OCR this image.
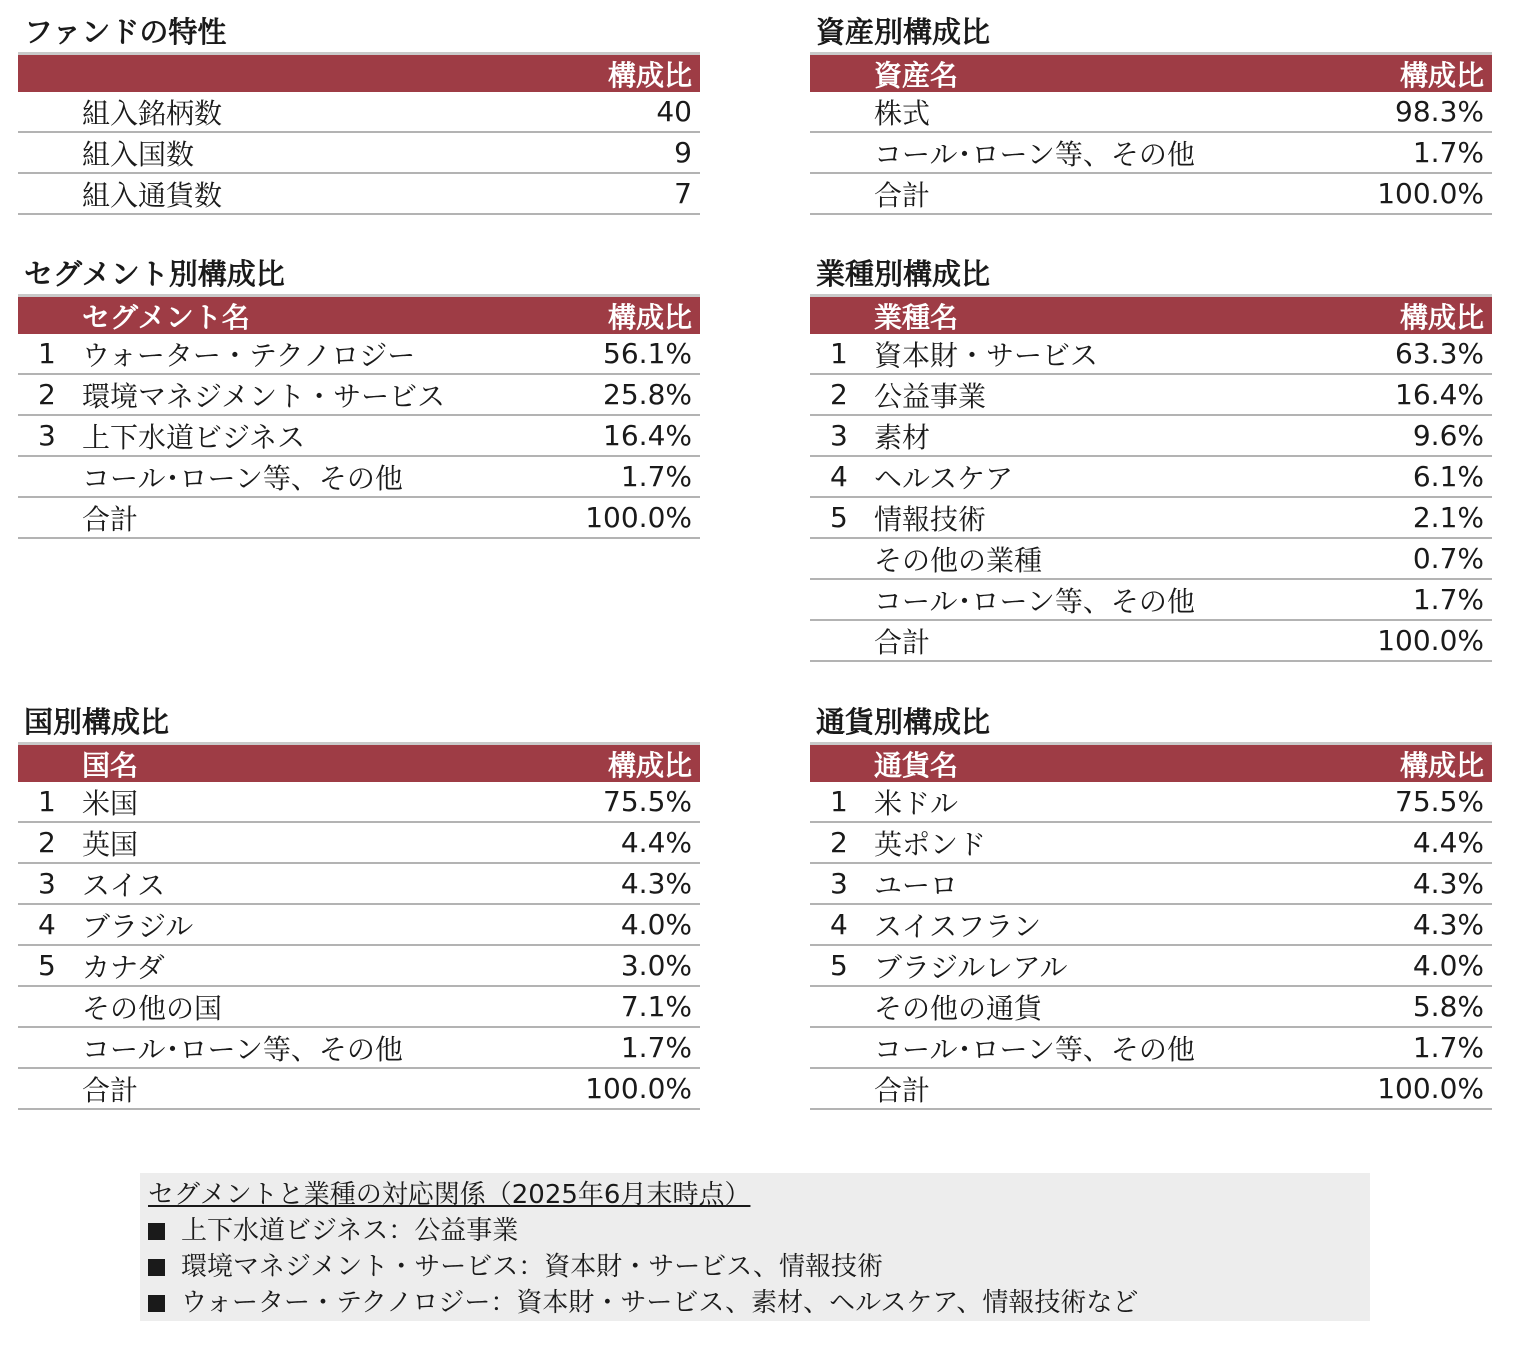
ファンドの特性
構成比
組入銘柄数	40
組入国数	9
組入通貨数	7
資産別構成比
資産名	構成比
株式	98.3%
コール･ローン等、その他	1.7%
合計	100.0%
セグメント別構成比
セグメント名	構成比
1 ウォーター・テクノロジー	56.1%
2 環境マネジメント・サービス	25.8%
3 上下水道ビジネス	16.4%
コール･ローン等、その他	1.7%
合計	100.0%
業種別構成比
業種名	構成比
1 資本財・サービス	63.3%
2 公益事業	16.4%
3 素材	9.6%
4 ヘルスケア	6.1%
5 情報技術	2.1%
その他の業種	0.7%
コール･ローン等、その他	1.7%
合計	100.0%
国別構成比
国名	構成比
1 米国	75.5%
2 英国	4.4%
3 スイス	4.3%
4 ブラジル	4.0%
5 カナダ	3.0%
その他の国	7.1%
コール･ローン等、その他	1.7%
合計	100.0%
通貨別構成比
通貨名	構成比
1 米ドル	75.5%
2 英ポンド	4.4%
3 ユーロ	4.3%
4 スイスフラン	4.3%
5 ブラジルレアル	4.0%
その他の通貨	5.8%
コール･ローン等、その他	1.7%
合計	100.0%
セグメントと業種の対応関係（2025年6月末時点）
上下水道ビジネス：公益事業
環境マネジメント・サービス：資本財・サービス、情報技術
ウォーター・テクノロジー：資本財・サービス、素材、ヘルスケア、情報技術など
